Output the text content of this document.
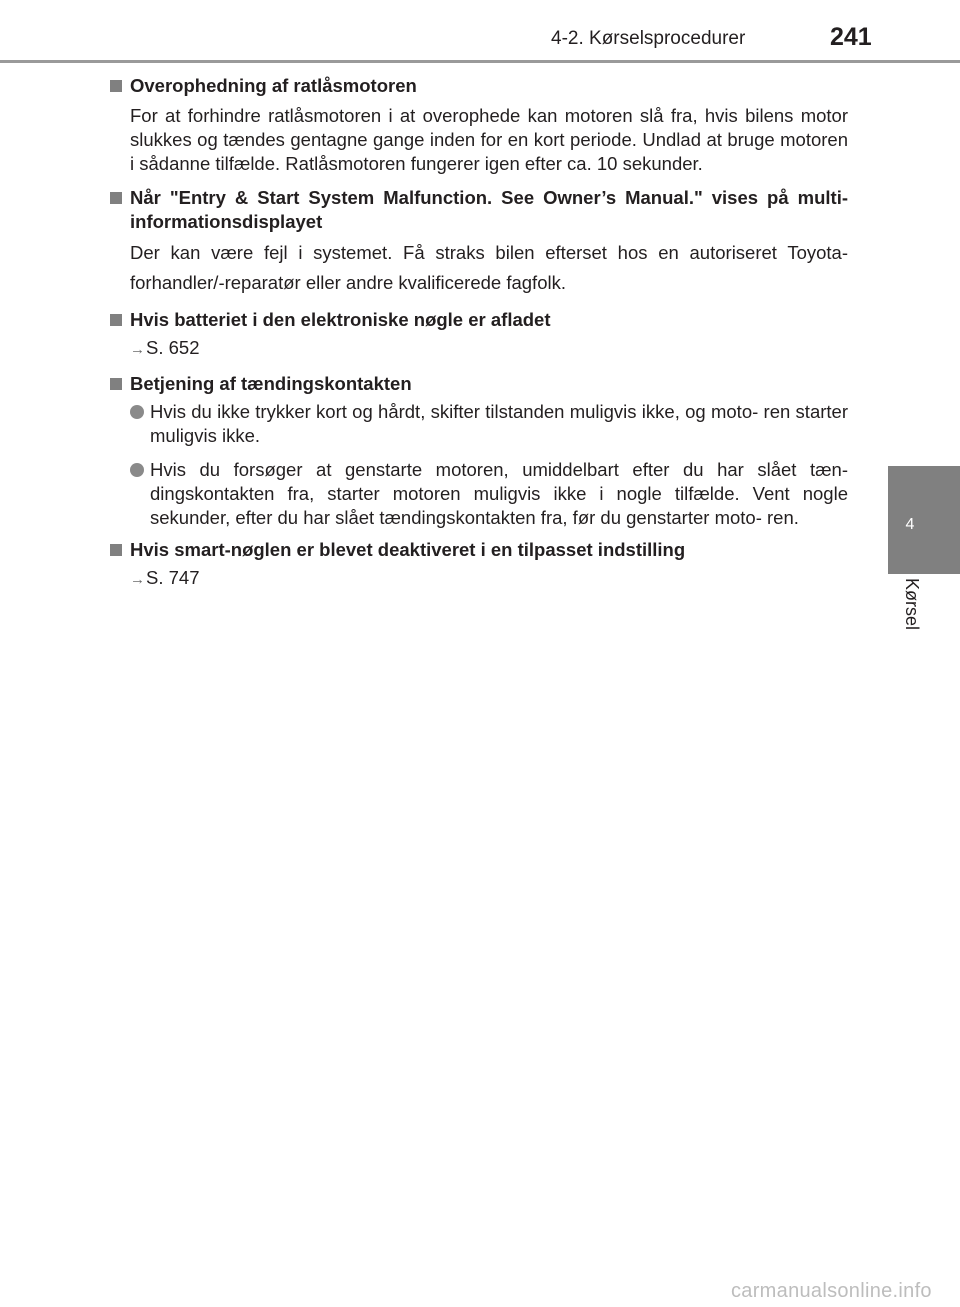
4-2. Kørselsprocedurer	241
4
Kørsel
Overophedning af ratlåsmotoren

For at forhindre ratlåsmotoren i at overophede kan motoren slå fra, hvis bilens motor slukkes og tændes gentagne gange inden for en kort periode. Undlad at bruge motoren i sådanne tilfælde. Ratlåsmotoren fungerer igen efter ca. 10 sekunder.

Når "Entry & Start System Malfunction. See Owner’s Manual." vises på multi-informationsdisplayet

Der kan være fejl i systemet. Få straks bilen efterset hos en autoriseret Toyota-forhandler/-reparatør eller andre kvalificerede fagfolk.

Hvis batteriet i den elektroniske nøgle er afladet
→ S. 652
Betjening af tændingskontakten
Hvis du ikke trykker kort og hårdt, skifter tilstanden muligvis ikke, og moto- ren starter muligvis ikke.
Hvis du forsøger at genstarte motoren, umiddelbart efter du har slået tæn- dingskontakten fra, starter motoren muligvis ikke i nogle tilfælde. Vent nogle sekunder, efter du har slået tændingskontakten fra, før du genstarter moto- ren.
Hvis smart-nøglen er blevet deaktiveret i en tilpasset indstilling
→ S. 747
carmanualsonline.info
